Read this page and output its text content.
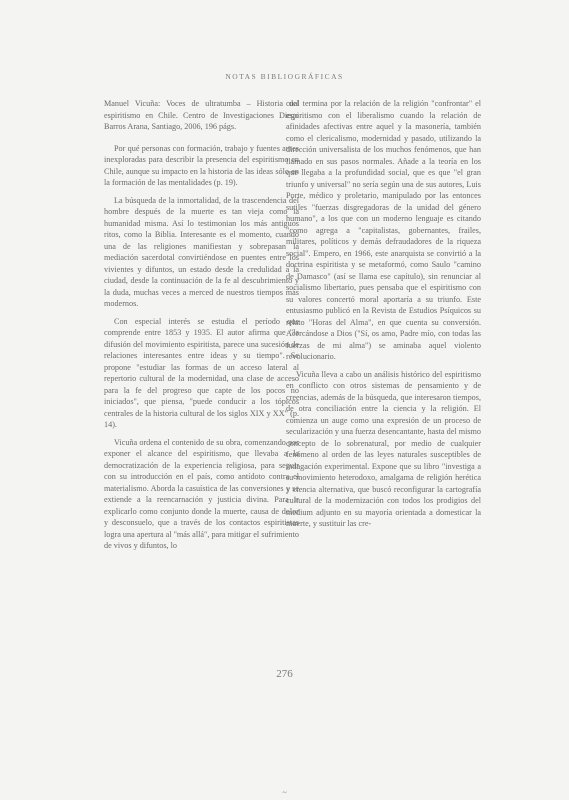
NOTAS BIBLIOGRÁFICAS

Manuel Vicuña: Voces de ultratumba – Historia del espiritismo en Chile. Centro de Investigaciones Diego Barros Arana, Santiago, 2006, 196 págs.

Por qué personas con formación, trabajo y fuentes antes inexploradas para describir la presencia del espiritismo en Chile, aunque su impacto en la historia de las ideas sólo en la formación de las mentalidades (p. 19).

La búsqueda de la inmortalidad, de la trascendencia del hombre después de la muerte es tan vieja como la humanidad misma. Así lo testimonian los más antiguos ritos, como la Biblia. Interesante es el momento, cuando una de las religiones manifiestan y sobrepasan la mediación sacerdotal convirtiéndose en puentes entre los vivientes y difuntos, un estado desde la credulidad a la ciudad, desde la continuación de la fe al descubrimiento y la duda, muchas veces a merced de nuestros tiempos más modernos.

Con especial interés se estudia el período que comprende entre 1853 y 1935. El autor afirma que "la difusión del movimiento espiritista, parece una sucesión de relaciones interesantes entre ideas y su tiempo". Se propone "estudiar las formas de un acceso lateral al repertorio cultural de la modernidad, una clase de acceso para la fe del progreso que capte de los pocos no iniciados", que piensa, "puede conducir a los tópicos centrales de la historia cultural de los siglos XIX y XX" (p. 14).

Vicuña ordena el contenido de su obra, comenzando por exponer el alcance del espiritismo, que llevaba a la democratización de la experiencia religiosa, para seguir con su introducción en el país, como antídoto contra el materialismo. Aborda la casuística de las conversiones y se extiende a la reencarnación y justicia divina. Para ir explicarlo como conjunto donde la muerte, causa de dolor y desconsuelo, que a través de los contactos espiritistas logra una apertura al "más allá", para mitigar el sufrimiento de vivos y difuntos, lo

cual termina por la relación de la religión "confrontar" el espiritismo con el liberalismo cuando la relación de afinidades afectivas entre aquel y la masonería, también como el clericalismo, modernidad y pasado, utilizando la dirección universalista de los muchos fenómenos, que han llamado en sus pasos normales. Añade a la teoría en los que llegaba a la profundidad social, que es que "el gran triunfo y universal" no sería según una de sus autores, Luis Porte, médico y proletario, manipulado por las entonces sutiles "fuerzas disgregadoras de la unidad del género humano", a los que con un moderno lenguaje es citando "como agrega a "capitalistas, gobernantes, frailes, militares, políticos y demás defraudadores de la riqueza social". Empero, en 1966, este anarquista se convirtió a la doctrina espiritista y se metaformó, como Saulo "camino de Damasco" (así se llama ese capítulo), sin renunciar al socialismo libertario, pues pensaba que el espiritismo con su valores concertó moral aportaría a su triunfo. Este entusiasmo publicó en la Revista de Estudios Psíquicos su relato "Horas del Alma", en que cuenta su conversión. Acercándose a Dios ("Sí, os amo, Padre mío, con todas las fuerzas de mi alma") se aminaba aquel violento revolucionario.

Vicuña lleva a cabo un análisis histórico del espiritismo en conflicto con otros sistemas de pensamiento y de creencias, además de la búsqueda, que interesaron tiempos, de otra conciliación entre la ciencia y la religión. El comienza un auge como una expresión de un proceso de secularización y una fuerza desencantante, hasta del mismo concepto de lo sobrenatural, por medio de cualquier fenómeno al orden de las leyes naturales susceptibles de indagación experimental. Expone que su libro "investiga a su movimiento heterodoxo, amalgama de religión herética y ciencia alternativa, que buscó reconfigurar la cartografía cultural de la modernización con todos los prodigios del medium adjunto en su mayoría orientada a domesticar la muerte, y sustituir las cre-

276
~
